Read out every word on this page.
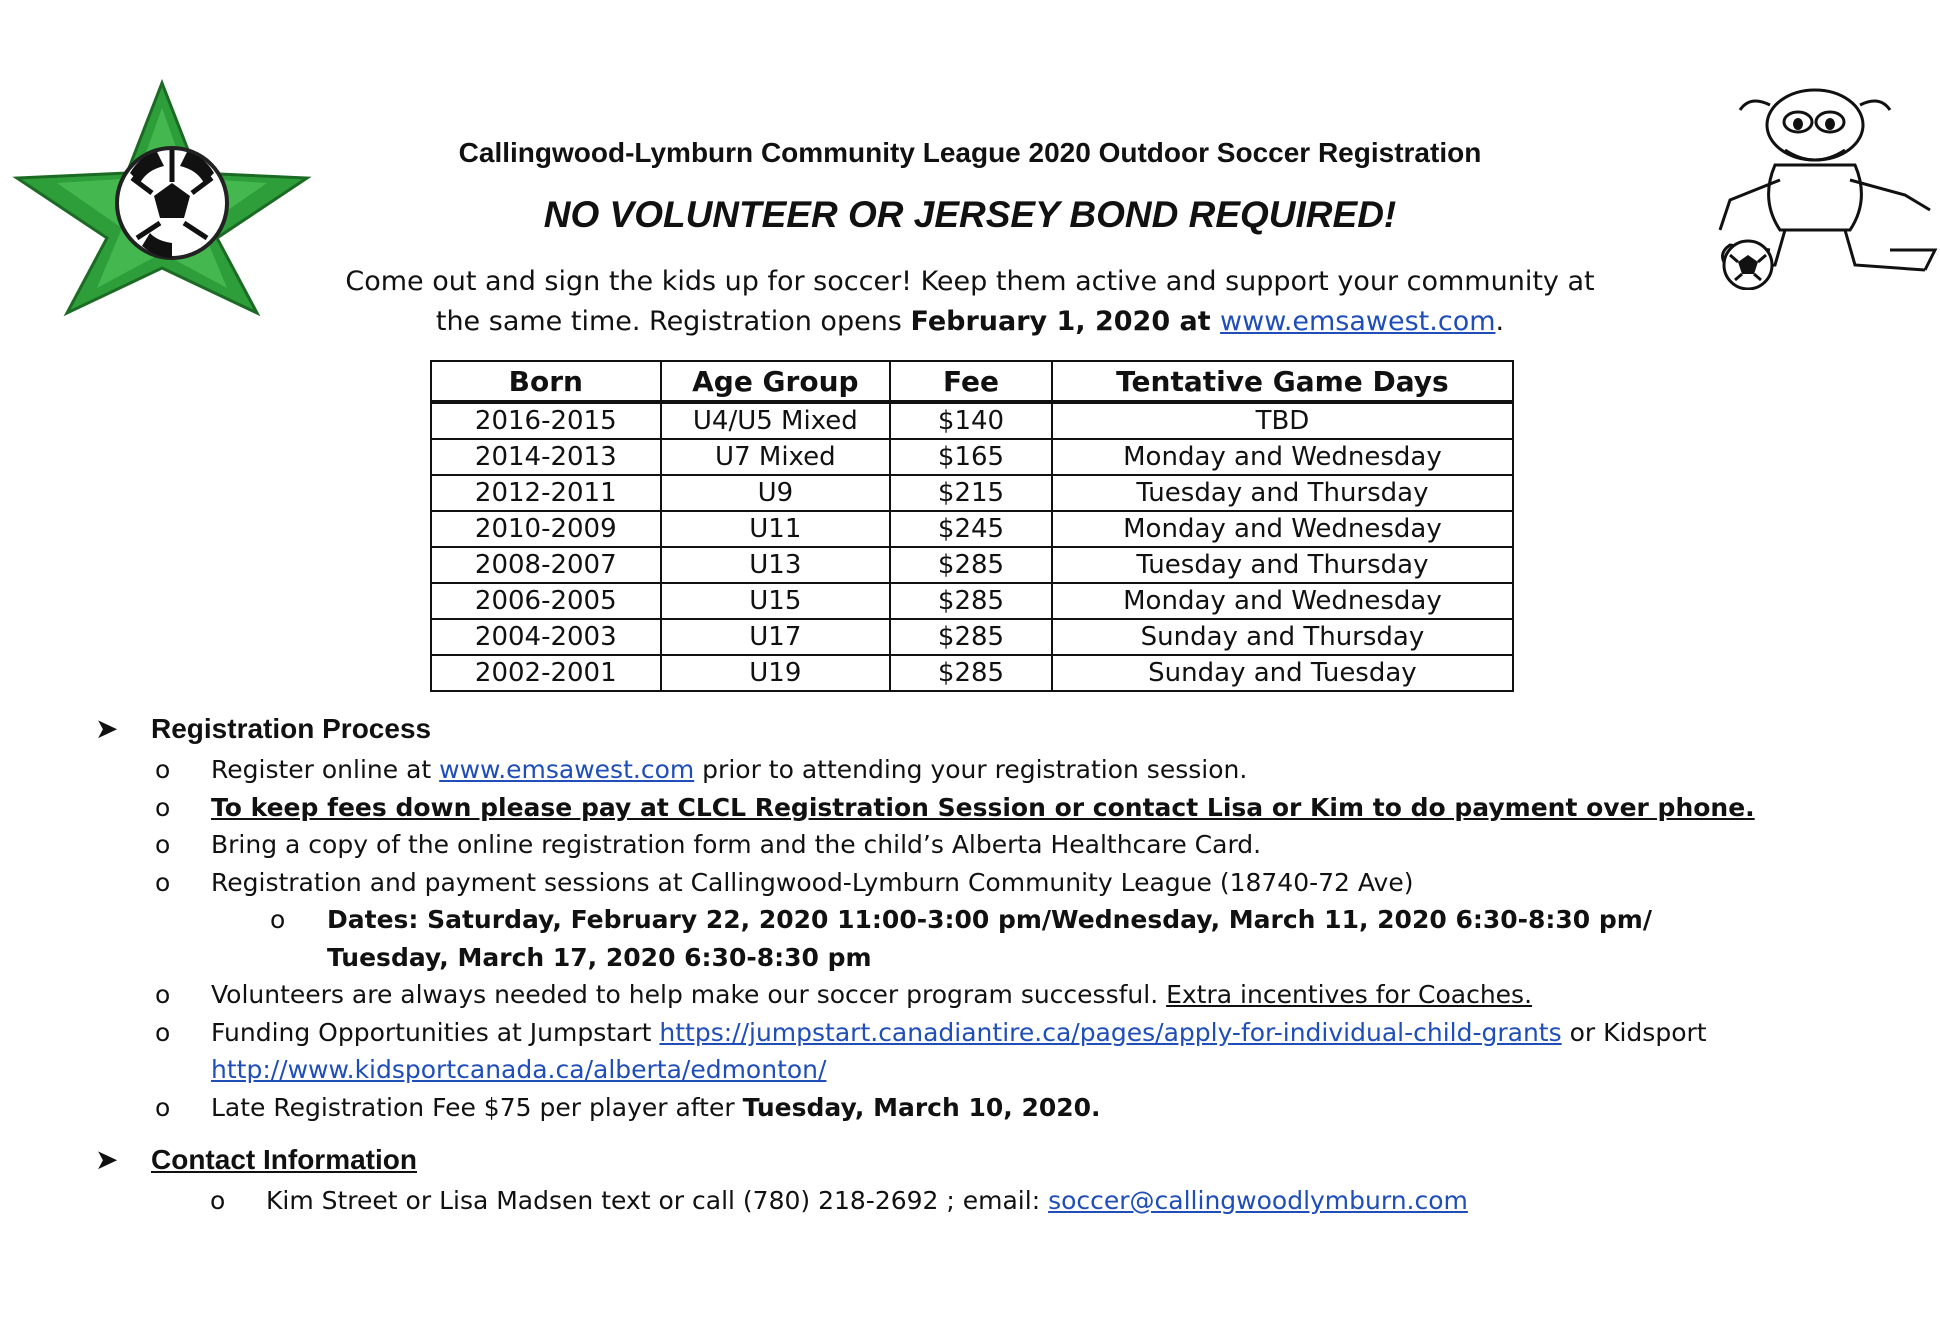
Callingwood-Lymburn Community League 2020 Outdoor Soccer Registration
NO VOLUNTEER OR JERSEY BOND REQUIRED!
Come out and sign the kids up for soccer! Keep them active and support your community at
the same time. Registration opens February 1, 2020 at www.emsawest.com.
Born	Age Group	Fee	Tentative Game Days
2016-2015	U4/U5 Mixed	$140	TBD
2014-2013	U7 Mixed	$165	Monday and Wednesday
2012-2011	U9	$215	Tuesday and Thursday
2010-2009	U11	$245	Monday and Wednesday
2008-2007	U13	$285	Tuesday and Thursday
2006-2005	U15	$285	Monday and Wednesday
2004-2003	U17	$285	Sunday and Thursday
2002-2001	U19	$285	Sunday and Tuesday
➤ Registration Process
o	Register online at www.emsawest.com prior to attending your registration session.
o	To keep fees down please pay at CLCL Registration Session or contact Lisa or Kim to do payment over phone.
o	Bring a copy of the online registration form and the child’s Alberta Healthcare Card.
o	Registration and payment sessions at Callingwood-Lymburn Community League (18740-72 Ave)
o	Dates: Saturday, February 22, 2020 11:00-3:00 pm/Wednesday, March 11, 2020 6:30-8:30 pm/
Tuesday, March 17, 2020 6:30-8:30 pm
o	Volunteers are always needed to help make our soccer program successful. Extra incentives for Coaches.
o	Funding Opportunities at Jumpstart https://jumpstart.canadiantire.ca/pages/apply-for-individual-child-grants or Kidsport
http://www.kidsportcanada.ca/alberta/edmonton/
o	Late Registration Fee $75 per player after Tuesday, March 10, 2020.
➤ Contact Information
o	Kim Street or Lisa Madsen text or call (780) 218-2692 ; email: soccer@callingwoodlymburn.com
